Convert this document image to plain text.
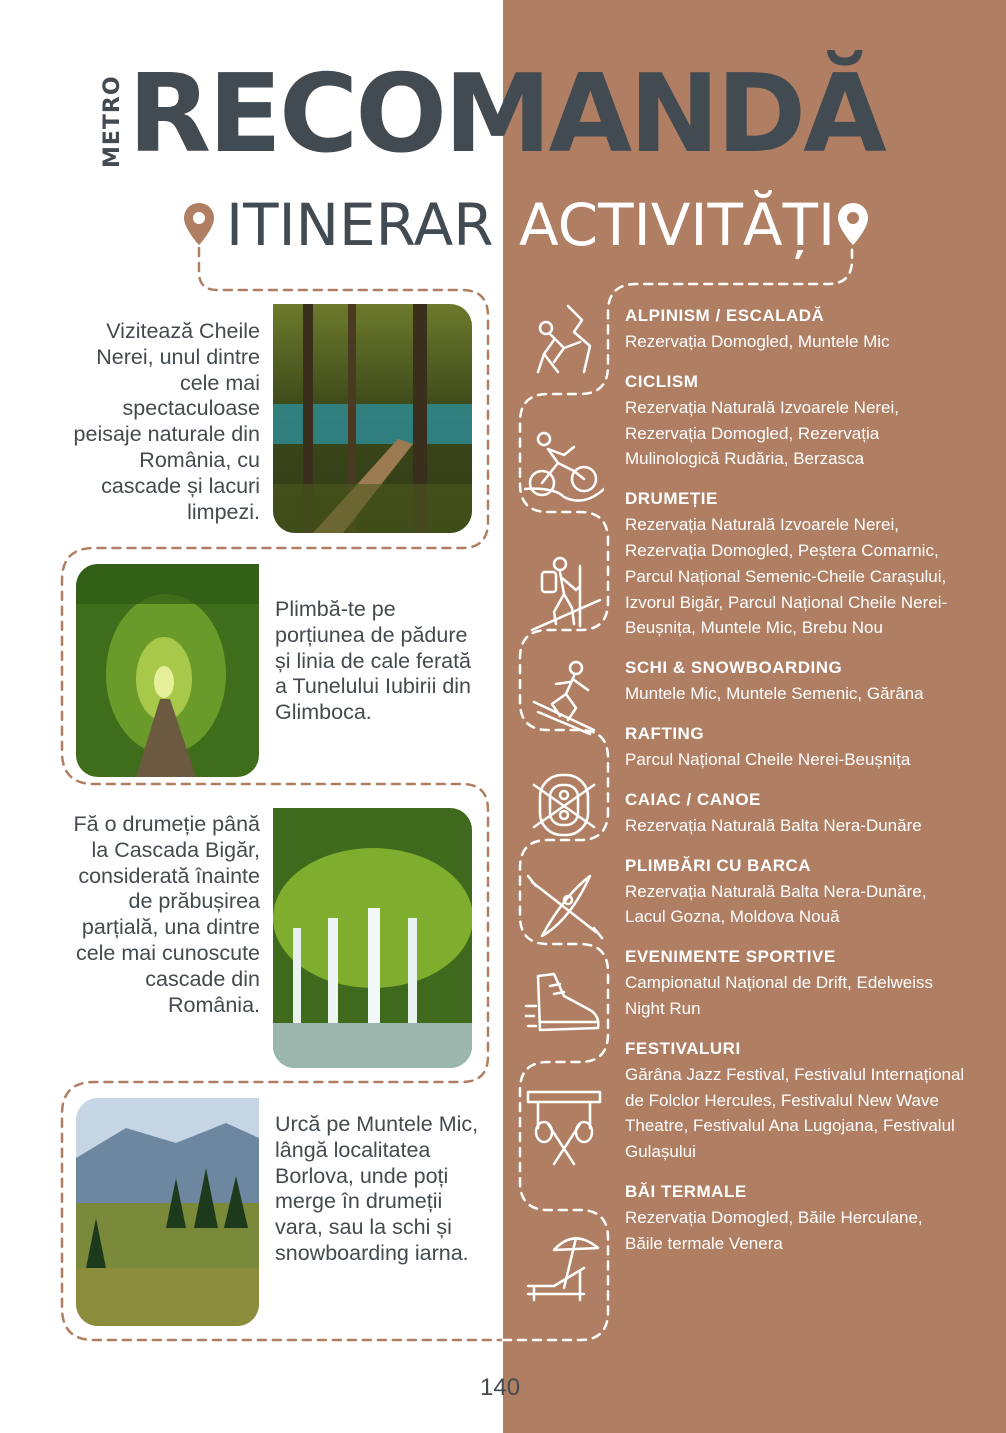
METRO RECOMANDĂ
ITINERAR ACTIVITĂȚI
Vizitează Cheile Nerei, unul dintre cele mai spectaculoase peisaje naturale din România, cu cascade și lacuri limpezi.
Plimbă-te pe porțiunea de pădure și linia de cale ferată a Tunelului Iubirii din Glimboca.
Fă o drumeție până la Cascada Bigăr, considerată înainte de prăbușirea parțială, una dintre cele mai cunoscute cascade din România.
Urcă pe Muntele Mic, lângă localitatea Borlova, unde poți merge în drumeții vara, sau la schi și snowboarding iarna.
ALPINISM / ESCALADĂ
Rezervația Domogled, Muntele Mic
CICLISM
Rezervația Naturală Izvoarele Nerei, Rezervația Domogled, Rezervația Mulinologică Rudăria, Berzasca
DRUMEȚIE
Rezervația Naturală Izvoarele Nerei, Rezervația Domogled, Peștera Comarnic, Parcul Național Semenic-Cheile Carașului, Izvorul Bigăr, Parcul Național Cheile Nerei-Beușnița, Muntele Mic, Brebu Nou
SCHI & SNOWBOARDING
Muntele Mic, Muntele Semenic, Gărâna
RAFTING
Parcul Național Cheile Nerei-Beușnița
CAIAC / CANOE
Rezervația Naturală Balta Nera-Dunăre
PLIMBĂRI CU BARCA
Rezervația Naturală Balta Nera-Dunăre, Lacul Gozna, Moldova Nouă
EVENIMENTE SPORTIVE
Campionatul Național de Drift, Edelweiss Night Run
FESTIVALURI
Gărâna Jazz Festival, Festivalul Internațional de Folclor Hercules, Festivalul New Wave Theatre, Festivalul Ana Lugojana, Festivalul Gulașului
BĂI TERMALE
Rezervația Domogled, Băile Herculane, Băile termale Venera
140
